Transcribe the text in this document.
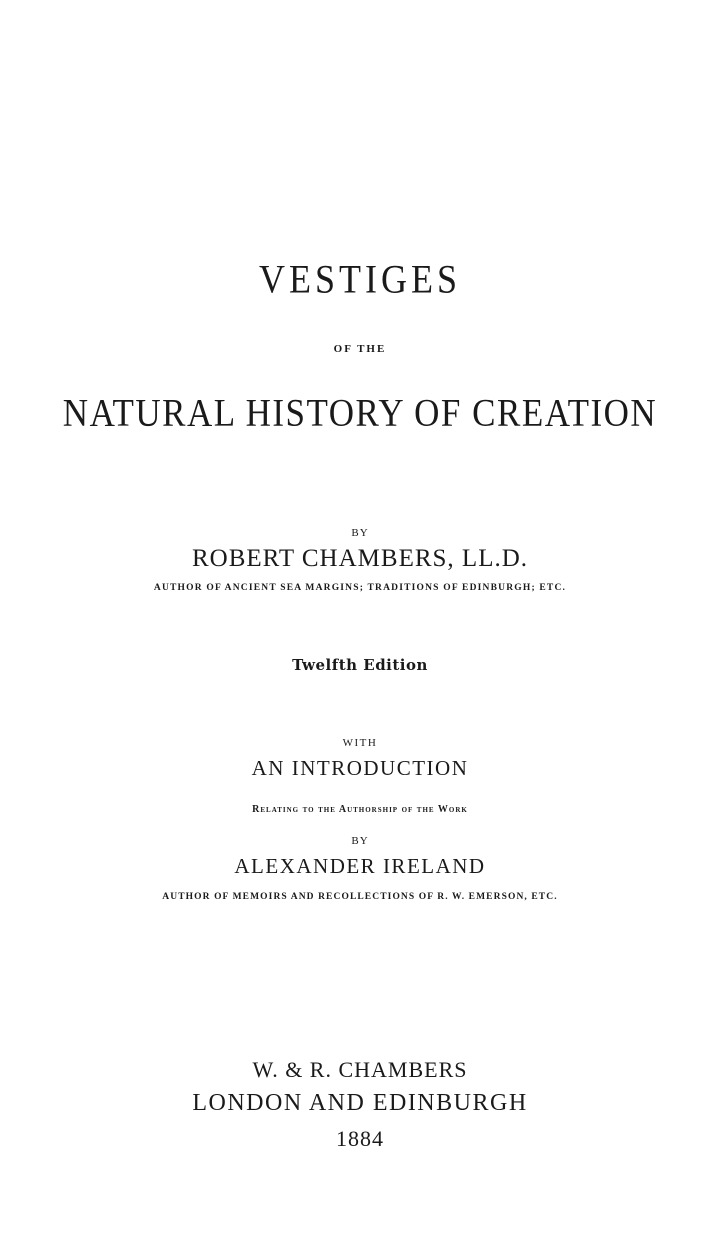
VESTIGES
OF THE
NATURAL HISTORY OF CREATION
BY
ROBERT CHAMBERS, LL.D.
AUTHOR OF ANCIENT SEA MARGINS; TRADITIONS OF EDINBURGH; ETC.
Twelfth Edition
WITH
AN INTRODUCTION
Relating to the Authorship of the Work
BY
ALEXANDER IRELAND
AUTHOR OF MEMOIRS AND RECOLLECTIONS OF R. W. EMERSON, ETC.
W. & R. CHAMBERS
LONDON AND EDINBURGH
1884
